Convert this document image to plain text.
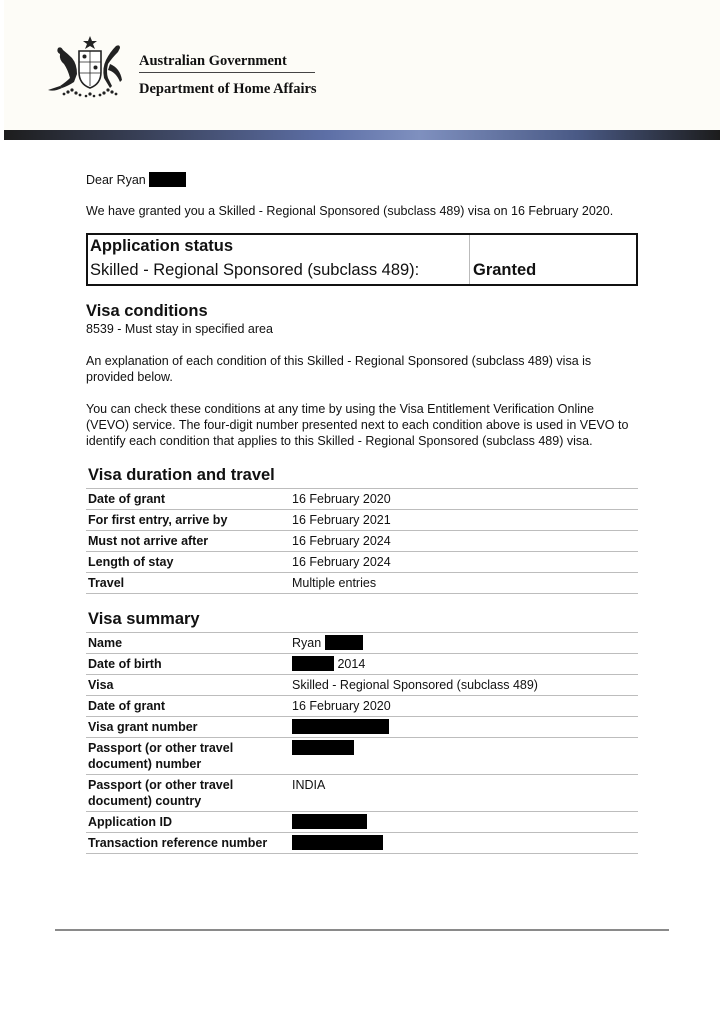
Australian Government
Department of Home Affairs

Dear Ryan

We have granted you a Skilled - Regional Sponsored (subclass 489) visa on 16 February 2020.

Application status
Skilled - Regional Sponsored (subclass 489):	Granted
Visa conditions

8539 - Must stay in specified area

An explanation of each condition of this Skilled - Regional Sponsored (subclass 489) visa is provided below.

You can check these conditions at any time by using the Visa Entitlement Verification Online (VEVO) service. The four-digit number presented next to each condition above is used in VEVO to identify each condition that applies to this Skilled - Regional Sponsored (subclass 489) visa.

Visa duration and travel
Date of grant	16 February 2020
For first entry, arrive by	16 February 2021
Must not arrive after	16 February 2024
Length of stay	16 February 2024
Travel	Multiple entries
Visa summary
Name	Ryan
Date of birth	2014
Visa	Skilled - Regional Sponsored (subclass 489)
Date of grant	16 February 2020
Visa grant number	
Passport (or other travel document) number	
Passport (or other travel document) country	INDIA
Application ID	
Transaction reference number	
